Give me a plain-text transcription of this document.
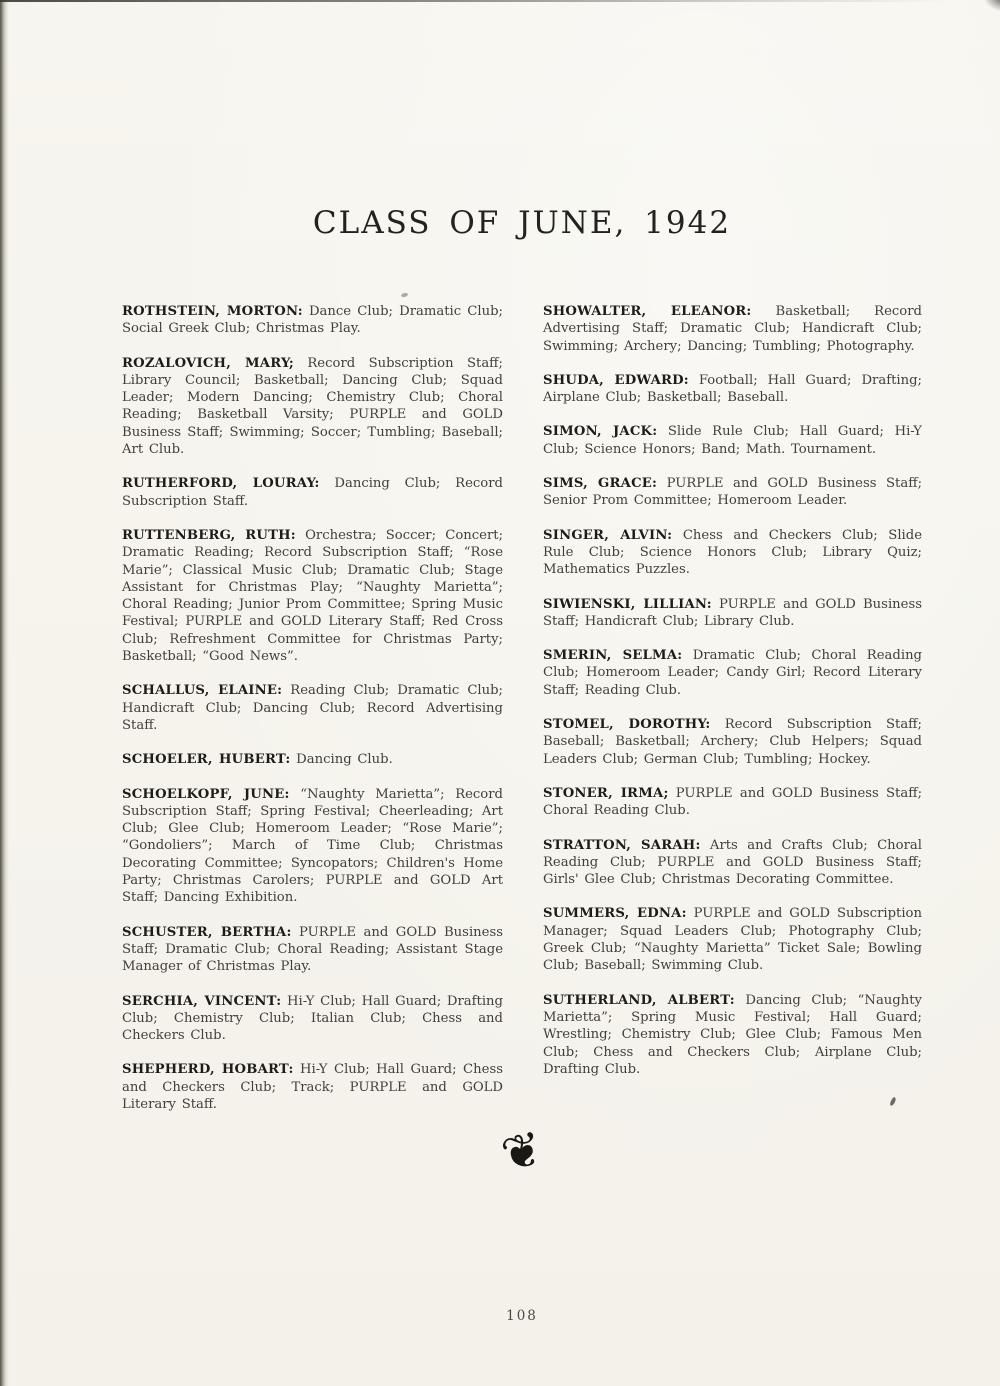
CLASS OF JUNE, 1942

ROTHSTEIN, MORTON: Dance Club; Dramatic Club; Social Greek Club; Christmas Play.

ROZALOVICH, MARY; Record Subscription Staff; Library Council; Basketball; Dancing Club; Squad Leader; Modern Dancing; Chemistry Club; Choral Reading; Basketball Varsity; PURPLE and GOLD Business Staff; Swimming; Soccer; Tumbling; Baseball; Art Club.

RUTHERFORD, LOURAY: Dancing Club; Record Subscription Staff.

RUTTENBERG, RUTH: Orchestra; Soccer; Concert; Dramatic Reading; Record Subscription Staff; “Rose Marie”; Classical Music Club; Dramatic Club; Stage Assistant for Christmas Play; “Naughty Marietta”; Choral Reading; Junior Prom Committee; Spring Music Festival; PURPLE and GOLD Literary Staff; Red Cross Club; Refreshment Committee for Christmas Party; Basketball; “Good News”.

SCHALLUS, ELAINE: Reading Club; Dramatic Club; Handicraft Club; Dancing Club; Record Advertising Staff.

SCHOELER, HUBERT: Dancing Club.

SCHOELKOPF, JUNE: “Naughty Marietta”; Record Subscription Staff; Spring Festival; Cheerleading; Art Club; Glee Club; Homeroom Leader; “Rose Marie”; “Gondoliers”; March of Time Club; Christmas Decorating Committee; Syncopators; Children's Home Party; Christmas Carolers; PURPLE and GOLD Art Staff; Dancing Exhibition.

SCHUSTER, BERTHA: PURPLE and GOLD Business Staff; Dramatic Club; Choral Reading; Assistant Stage Manager of Christmas Play.

SERCHIA, VINCENT: Hi-Y Club; Hall Guard; Drafting Club; Chemistry Club; Italian Club; Chess and Checkers Club.

SHEPHERD, HOBART: Hi-Y Club; Hall Guard; Chess and Checkers Club; Track; PURPLE and GOLD Literary Staff.

SHOWALTER, ELEANOR: Basketball; Record Advertising Staff; Dramatic Club; Handicraft Club; Swimming; Archery; Dancing; Tumbling; Photography.

SHUDA, EDWARD: Football; Hall Guard; Drafting; Airplane Club; Basketball; Baseball.

SIMON, JACK: Slide Rule Club; Hall Guard; Hi-Y Club; Science Honors; Band; Math. Tournament.

SIMS, GRACE: PURPLE and GOLD Business Staff; Senior Prom Committee; Homeroom Leader.

SINGER, ALVIN: Chess and Checkers Club; Slide Rule Club; Science Honors Club; Library Quiz; Mathematics Puzzles.

SIWIENSKI, LILLIAN: PURPLE and GOLD Business Staff; Handicraft Club; Library Club.

SMERIN, SELMA: Dramatic Club; Choral Reading Club; Homeroom Leader; Candy Girl; Record Literary Staff; Reading Club.

STOMEL, DOROTHY: Record Subscription Staff; Baseball; Basketball; Archery; Club Helpers; Squad Leaders Club; German Club; Tumbling; Hockey.

STONER, IRMA; PURPLE and GOLD Business Staff; Choral Reading Club.

STRATTON, SARAH: Arts and Crafts Club; Choral Reading Club; PURPLE and GOLD Business Staff; Girls' Glee Club; Christmas Decorating Committee.

SUMMERS, EDNA: PURPLE and GOLD Subscription Manager; Squad Leaders Club; Photography Club; Greek Club; “Naughty Marietta” Ticket Sale; Bowling Club; Baseball; Swimming Club.

SUTHERLAND, ALBERT: Dancing Club; “Naughty Marietta”; Spring Music Festival; Hall Guard; Wrestling; Chemistry Club; Glee Club; Famous Men Club; Chess and Checkers Club; Airplane Club; Drafting Club.

❦
108
